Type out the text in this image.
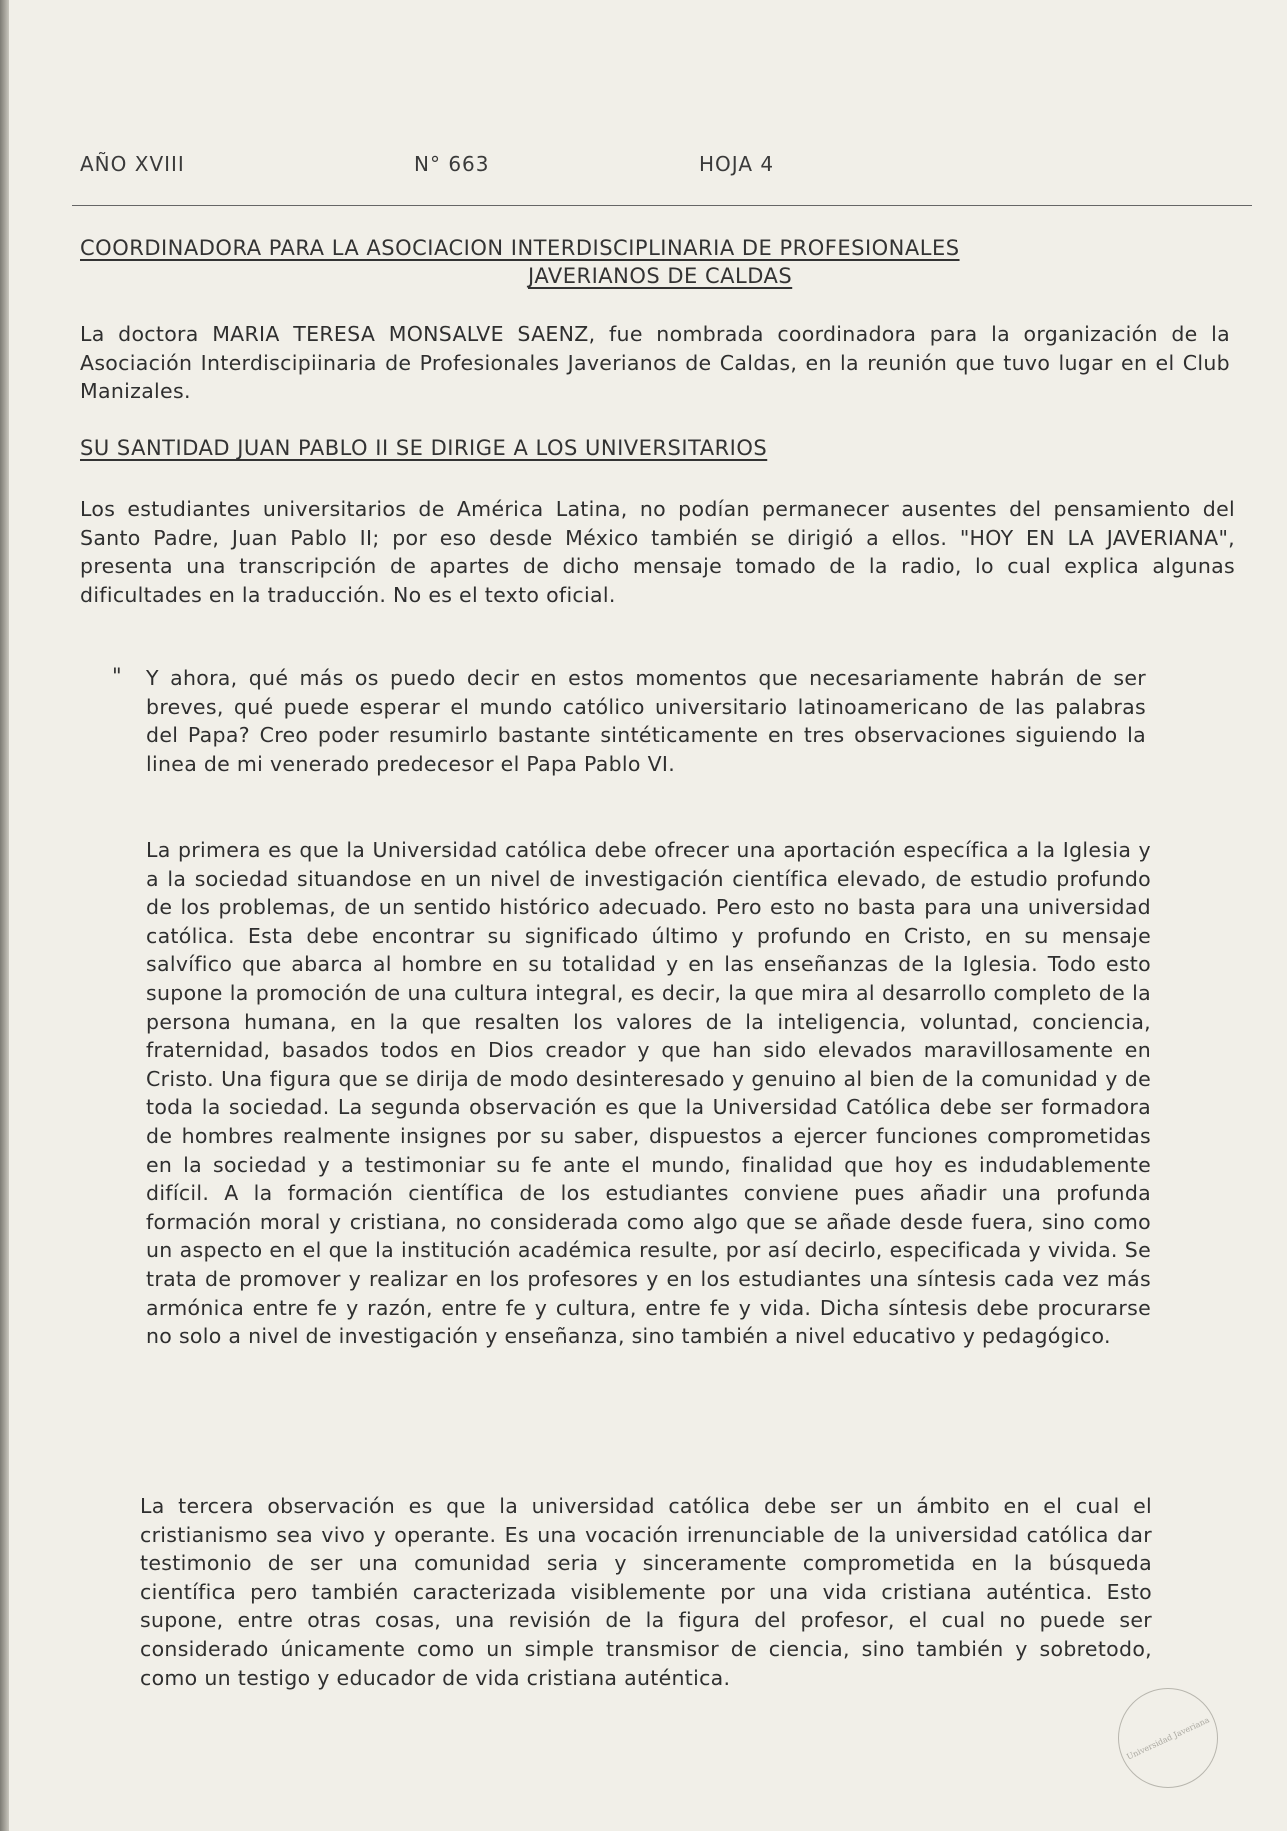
AÑO XVIII	N° 663	HOJA 4
COORDINADORA PARA LA ASOCIACION INTERDISCIPLINARIA DE PROFESIONALES
JAVERIANOS DE CALDAS
La doctora MARIA TERESA MONSALVE SAENZ, fue nombrada coordinadora para la organización de la Asociación Interdiscipiinaria de Profesionales Javerianos de Caldas, en la reunión que tuvo lugar en el Club Manizales.
SU SANTIDAD JUAN PABLO II SE DIRIGE A LOS UNIVERSITARIOS
Los estudiantes universitarios de América Latina, no podían permanecer ausentes del pensamiento del Santo Padre, Juan Pablo II; por eso desde México también se dirigió a ellos. "HOY EN LA JAVERIANA", presenta una transcripción de apartes de dicho mensaje tomado de la radio, lo cual explica algunas dificultades en la traducción. No es el texto oficial.
" Y ahora, qué más os puedo decir en estos momentos que necesariamente habrán de ser breves, qué puede esperar el mundo católico universitario latinoamericano de las palabras del Papa? Creo poder resumirlo bastante sintéticamente en tres observaciones siguiendo la linea de mi venerado predecesor el Papa Pablo VI.
La primera es que la Universidad católica debe ofrecer una aportación específica a la Iglesia y a la sociedad situandose en un nivel de investigación científica elevado, de estudio profundo de los problemas, de un sentido histórico adecuado. Pero esto no basta para una universidad católica. Esta debe encontrar su significado último y profundo en Cristo, en su mensaje salvífico que abarca al hombre en su totalidad y en las enseñanzas de la Iglesia. Todo esto supone la promoción de una cultura integral, es decir, la que mira al desarrollo completo de la persona humana, en la que resalten los valores de la inteligencia, voluntad, conciencia, fraternidad, basados todos en Dios creador y que han sido elevados maravillosamente en Cristo. Una figura que se dirija de modo desinteresado y genuino al bien de la comunidad y de toda la sociedad. La segunda observación es que la Universidad Católica debe ser formadora de hombres realmente insignes por su saber, dispuestos a ejercer funciones comprometidas en la sociedad y a testimoniar su fe ante el mundo, finalidad que hoy es indudablemente difícil. A la formación científica de los estudiantes conviene pues añadir una profunda formación moral y cristiana, no considerada como algo que se añade desde fuera, sino como un aspecto en el que la institución académica resulte, por así decirlo, especificada y vivida. Se trata de promover y realizar en los profesores y en los estudiantes una síntesis cada vez más armónica entre fe y razón, entre fe y cultura, entre fe y vida. Dicha síntesis debe procurarse no solo a nivel de investigación y enseñanza, sino también a nivel educativo y pedagógico.
La tercera observación es que la universidad católica debe ser un ámbito en el cual el cristianismo sea vivo y operante. Es una vocación irrenunciable de la universidad católica dar testimonio de ser una comunidad seria y sinceramente comprometida en la búsqueda científica pero también caracterizada visiblemente por una vida cristiana auténtica. Esto supone, entre otras cosas, una revisión de la figura del profesor, el cual no puede ser considerado únicamente como un simple transmisor de ciencia, sino también y sobretodo, como un testigo y educador de vida cristiana auténtica.
Universidad Javeriana
